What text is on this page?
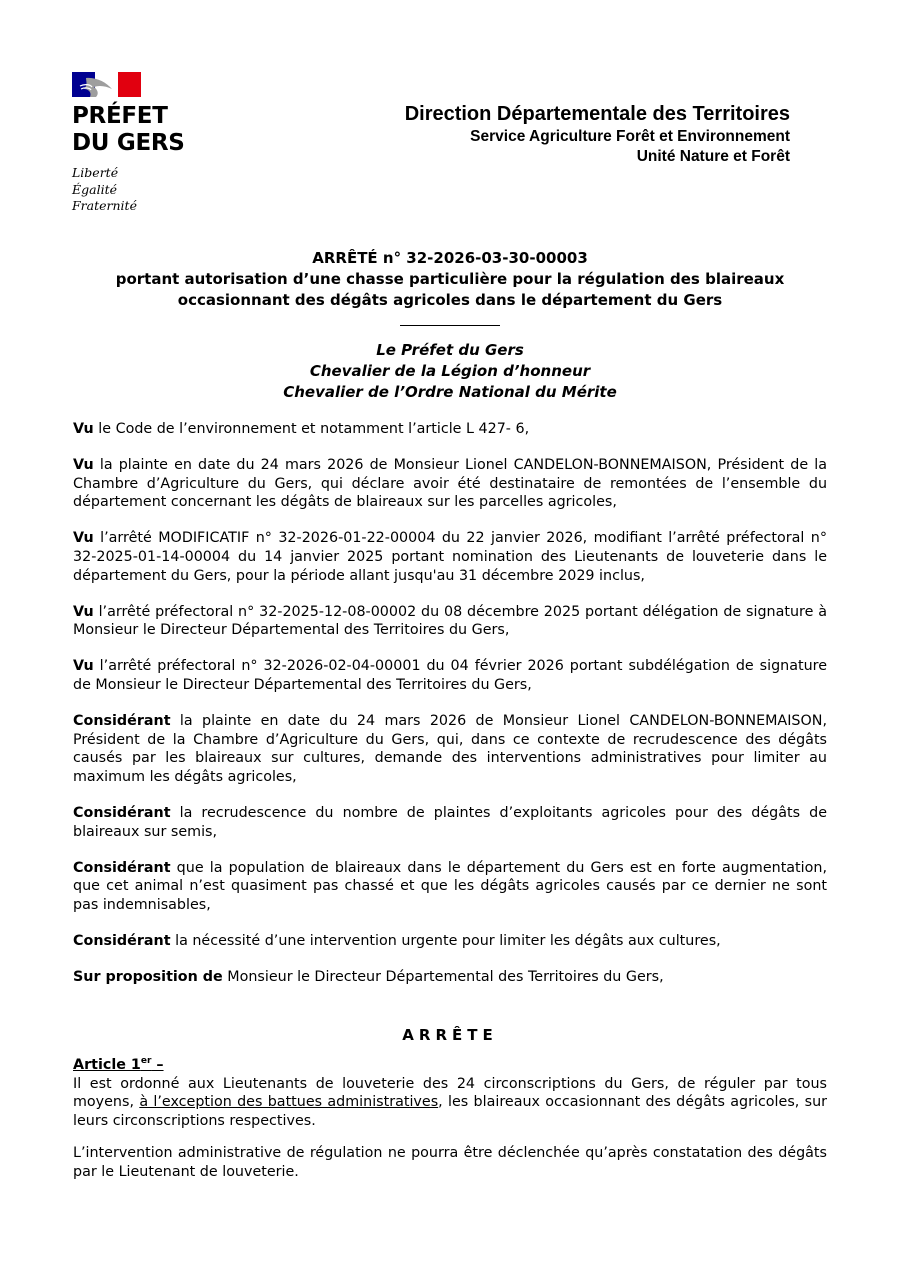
PRÉFET
DU GERS
Liberté
Égalité
Fraternité
Direction Départementale des Territoires
Service Agriculture Forêt et Environnement
Unité Nature et Forêt
ARRÊTÉ n° 32-2026-03-30-00003
portant autorisation d’une chasse particulière pour la régulation des blaireaux occasionnant des dégâts agricoles dans le département du Gers
Le Préfet du Gers
Chevalier de la Légion d’honneur
Chevalier de l’Ordre National du Mérite

Vu le Code de l’environnement et notamment l’article L 427- 6,

Vu la plainte en date du 24 mars 2026 de Monsieur Lionel CANDELON-BONNEMAISON, Président de la Chambre d’Agriculture du Gers, qui déclare avoir été destinataire de remontées de l’ensemble du département concernant les dégâts de blaireaux sur les parcelles agricoles,

Vu l’arrêté MODIFICATIF n° 32-2026-01-22-00004 du 22 janvier 2026, modifiant l’arrêté préfectoral n° 32-2025-01-14-00004 du 14 janvier 2025 portant nomination des Lieutenants de louveterie dans le département du Gers, pour la période allant jusqu'au 31 décembre 2029 inclus,

Vu l’arrêté préfectoral n° 32-2025-12-08-00002 du 08 décembre 2025 portant délégation de signature à Monsieur le Directeur Départemental des Territoires du Gers,

Vu l’arrêté préfectoral n° 32-2026-02-04-00001 du 04 février 2026 portant subdélégation de signature de Monsieur le Directeur Départemental des Territoires du Gers,

Considérant la plainte en date du 24 mars 2026 de Monsieur Lionel CANDELON-BONNEMAISON, Président de la Chambre d’Agriculture du Gers, qui, dans ce contexte de recrudescence des dégâts causés par les blaireaux sur cultures, demande des interventions administratives pour limiter au maximum les dégâts agricoles,

Considérant la recrudescence du nombre de plaintes d’exploitants agricoles pour des dégâts de blaireaux sur semis,

Considérant que la population de blaireaux dans le département du Gers est en forte augmentation, que cet animal n’est quasiment pas chassé et que les dégâts agricoles causés par ce dernier ne sont pas indemnisables,

Considérant la nécessité d’une intervention urgente pour limiter les dégâts aux cultures,

Sur proposition de Monsieur le Directeur Départemental des Territoires du Gers,

ARRÊTE

Article 1er –

Il est ordonné aux Lieutenants de louveterie des 24 circonscriptions du Gers, de réguler par tous moyens, à l’exception des battues administratives, les blaireaux occasionnant des dégâts agricoles, sur leurs circonscriptions respectives.

L’intervention administrative de régulation ne pourra être déclenchée qu’après constatation des dégâts par le Lieutenant de louveterie.
